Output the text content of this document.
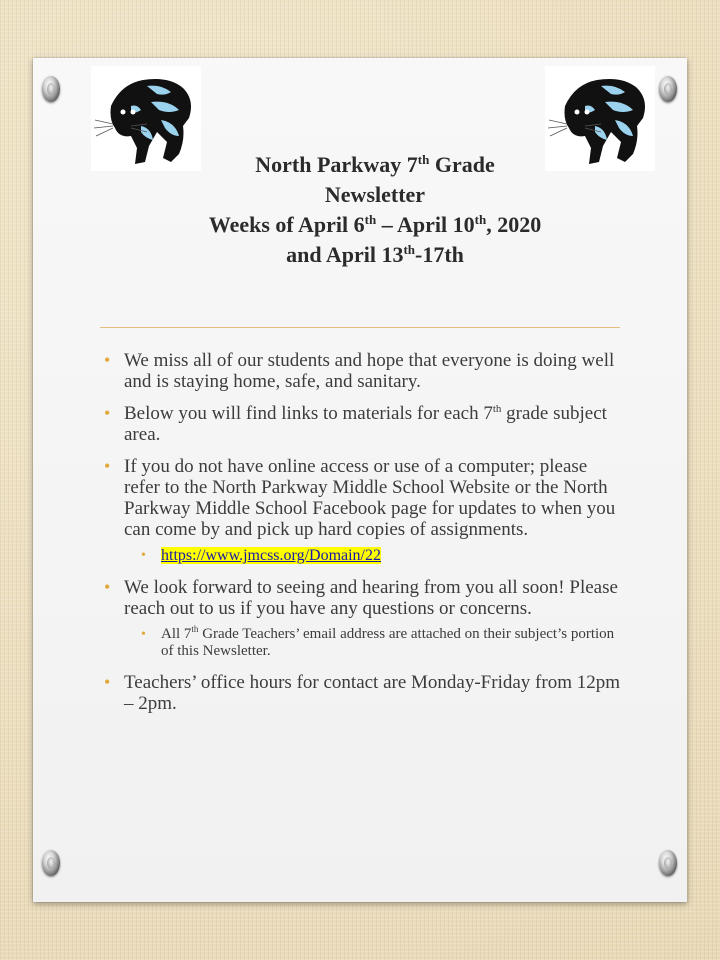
North Parkway 7th Grade
Newsletter
Weeks of April 6th – April 10th, 2020
and April 13th-17th
• We miss all of our students and hope that everyone is doing well and is staying home, safe, and sanitary.
• Below you will find links to materials for each 7th grade subject area.
• If you do not have online access or use of a computer; please refer to the North Parkway Middle School Website or the North Parkway Middle School Facebook page for updates to when you can come by and pick up hard copies of assignments.
• https://www.jmcss.org/Domain/22
• We look forward to seeing and hearing from you all soon! Please reach out to us if you have any questions or concerns.
• All 7th Grade Teachers’ email address are attached on their subject’s portion of this Newsletter.
• Teachers’ office hours for contact are Monday-Friday from 12pm – 2pm.
